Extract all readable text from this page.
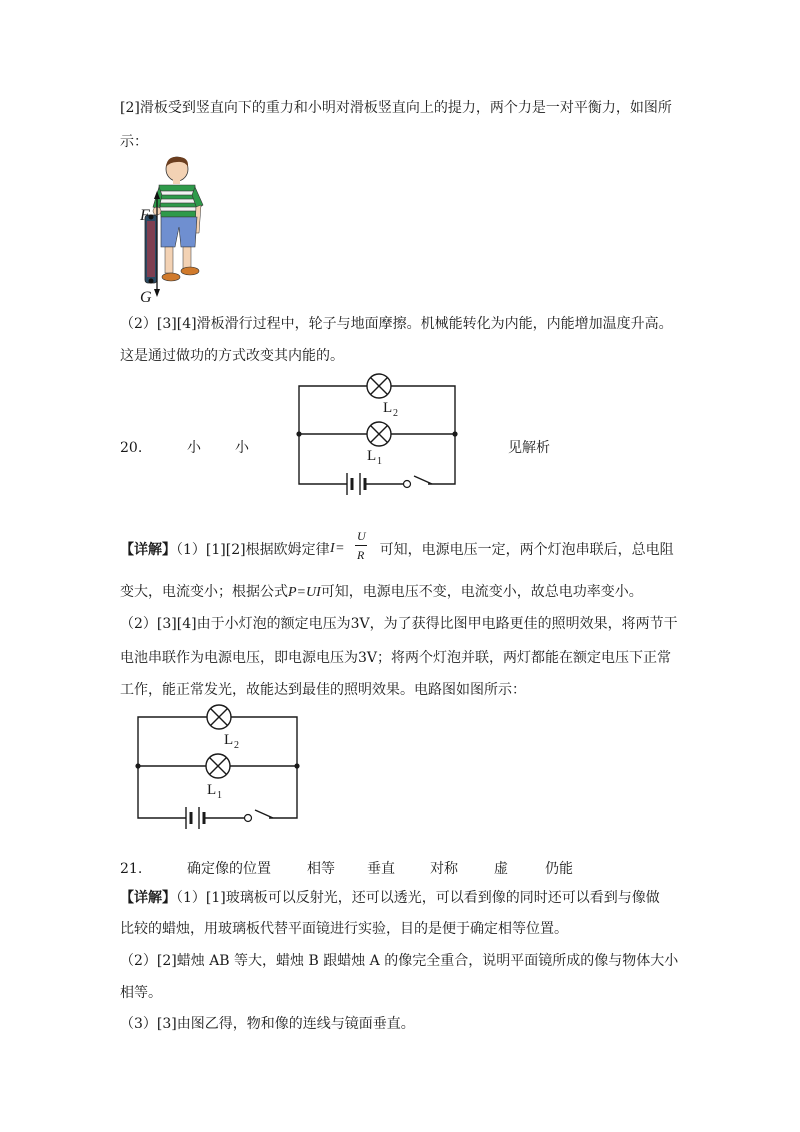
[2]滑板受到竖直向下的重力和小明对滑板竖直向上的提力，两个力是一对平衡力，如图所
示：
F
G
（2）[3][4]滑板滑行过程中，轮子与地面摩擦。机械能转化为内能，内能增加温度升高。
这是通过做功的方式改变其内能的。
20.	小 小	见解析
L 2
L 1
【详解】（1）[1][2]根据欧姆定律	可知，电源电压一定，两个灯泡串联后，总电阻
I =
U
R
变大，电流变小；根据公式P=UI可知，电源电压不变，电流变小，故总电功率变小。
（2）[3][4]由于小灯泡的额定电压为3V，为了获得比图甲电路更佳的照明效果，将两节干
电池串联作为电源电压，即电源电压为3V；将两个灯泡并联，两灯都能在额定电压下正常
工作，能正常发光，故能达到最佳的照明效果。电路图如图所示：
L 2
L 1
21.	确定像的位置	相等 垂直	对称	虚	仍能
【详解】（1）[1]玻璃板可以反射光，还可以透光，可以看到像的同时还可以看到与像做
比较的蜡烛，用玻璃板代替平面镜进行实验，目的是便于确定相等位置。
（2）[2]蜡烛 AB 等大，蜡烛 B 跟蜡烛 A 的像完全重合，说明平面镜所成的像与物体大小
相等。
（3）[3]由图乙得，物和像的连线与镜面垂直。
